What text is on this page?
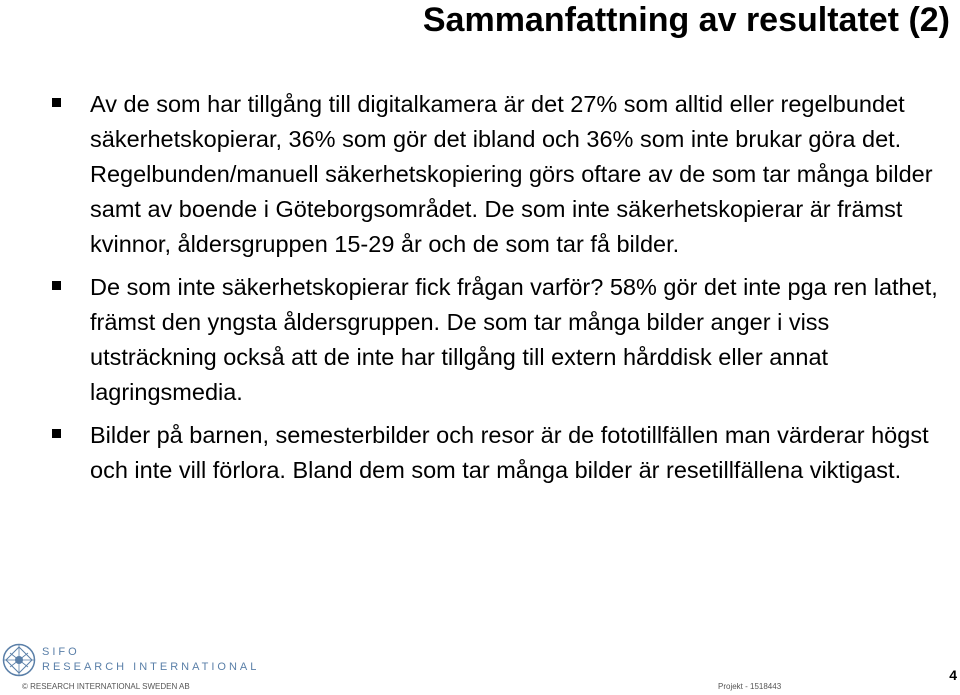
Sammanfattning av resultatet (2)
Av de som har tillgång till digitalkamera är det 27% som alltid eller regelbundet säkerhetskopierar, 36% som gör det ibland och 36% som inte brukar göra det. Regelbunden/manuell säkerhetskopiering görs oftare av de som tar många bilder samt av boende i Göteborgsområdet. De som inte säkerhetskopierar är främst kvinnor, åldersgruppen 15-29 år och de som tar få bilder.
De som inte säkerhetskopierar fick frågan varför? 58% gör det inte pga ren lathet, främst den yngsta åldersgruppen. De som tar många bilder anger i viss utsträckning också att de inte har tillgång till extern hårddisk eller annat lagringsmedia.
Bilder på barnen, semesterbilder och resor är de fototillfällen man värderar högst och inte vill förlora. Bland dem som tar många bilder är resetillfällena viktigast.
SIFO
RESEARCH INTERNATIONAL
© RESEARCH INTERNATIONAL SWEDEN AB	Projekt - 1518443
4
